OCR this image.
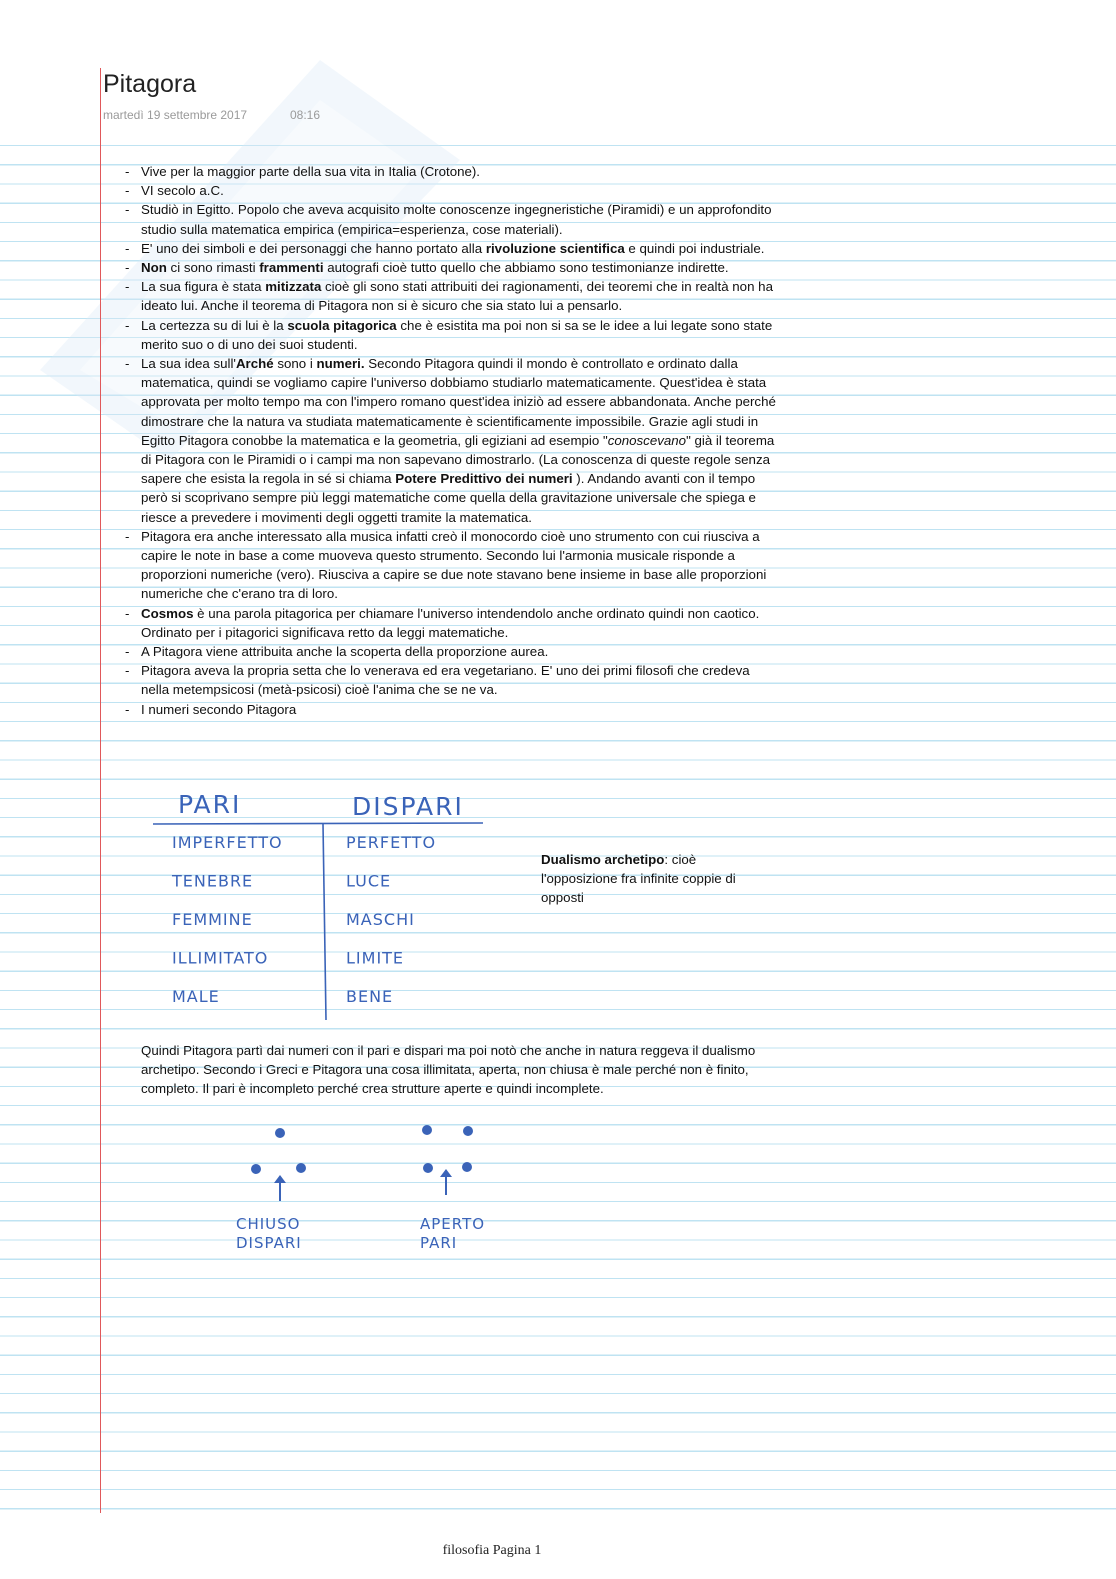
Pitagora
martedì 19 settembre 2017	08:16
- Vive per la maggior parte della sua vita in Italia (Crotone).
- VI secolo a.C.
- Studiò in Egitto. Popolo che aveva acquisito molte conoscenze ingegneristiche (Piramidi) e un approfondito studio sulla matematica empirica (empirica=esperienza, cose materiali).
- E' uno dei simboli e dei personaggi che hanno portato alla rivoluzione scientifica e quindi poi industriale.
- Non ci sono rimasti frammenti autografi cioè tutto quello che abbiamo sono testimonianze indirette.
- La sua figura è stata mitizzata cioè gli sono stati attribuiti dei ragionamenti, dei teoremi che in realtà non ha ideato lui. Anche il teorema di Pitagora non si è sicuro che sia stato lui a pensarlo.
- La certezza su di lui è la scuola pitagorica che è esistita ma poi non si sa se le idee a lui legate sono state merito suo o di uno dei suoi studenti.
- La sua idea sull'Arché sono i numeri. Secondo Pitagora quindi il mondo è controllato e ordinato dalla matematica, quindi se vogliamo capire l'universo dobbiamo studiarlo matematicamente. Quest'idea è stata approvata per molto tempo ma con l'impero romano quest'idea iniziò ad essere abbandonata. Anche perché dimostrare che la natura va studiata matematicamente è scientificamente impossibile. Grazie agli studi in Egitto Pitagora conobbe la matematica e la geometria, gli egiziani ad esempio "conoscevano" già il teorema di Pitagora con le Piramidi o i campi ma non sapevano dimostrarlo. (La conoscenza di queste regole senza sapere che esista la regola in sé si chiama Potere Predittivo dei numeri ). Andando avanti con il tempo però si scoprivano sempre più leggi matematiche come quella della gravitazione universale che spiega e riesce a prevedere i movimenti degli oggetti tramite la matematica.
- Pitagora era anche interessato alla musica infatti creò il monocordo cioè uno strumento con cui riusciva a capire le note in base a come muoveva questo strumento. Secondo lui l'armonia musicale risponde a proporzioni numeriche (vero). Riusciva a capire se due note stavano bene insieme in base alle proporzioni numeriche che c'erano tra di loro.
- Cosmos è una parola pitagorica per chiamare l'universo intendendolo anche ordinato quindi non caotico. Ordinato per i pitagorici significava retto da leggi matematiche.
- A Pitagora viene attribuita anche la scoperta della proporzione aurea.
- Pitagora aveva la propria setta che lo venerava ed era vegetariano. E' uno dei primi filosofi che credeva nella metempsicosi (metà-psicosi) cioè l'anima che se ne va.
- I numeri secondo Pitagora
PARI	DISPARI
IMPERFETTO	PERFETTO
TENEBRE	LUCE
FEMMINE	MASCHI
ILLIMITATO	LIMITE
MALE	BENE
Dualismo archetipo: cioè l'opposizione fra infinite coppie di opposti
Quindi Pitagora partì dai numeri con il pari e dispari ma poi notò che anche in natura reggeva il dualismo archetipo. Secondo i Greci e Pitagora una cosa illimitata, aperta, non chiusa è male perché non è finito, completo. Il pari è incompleto perché crea strutture aperte e quindi incomplete.
CHIUSO
DISPARI
APERTO
PARI
filosofia Pagina 1
